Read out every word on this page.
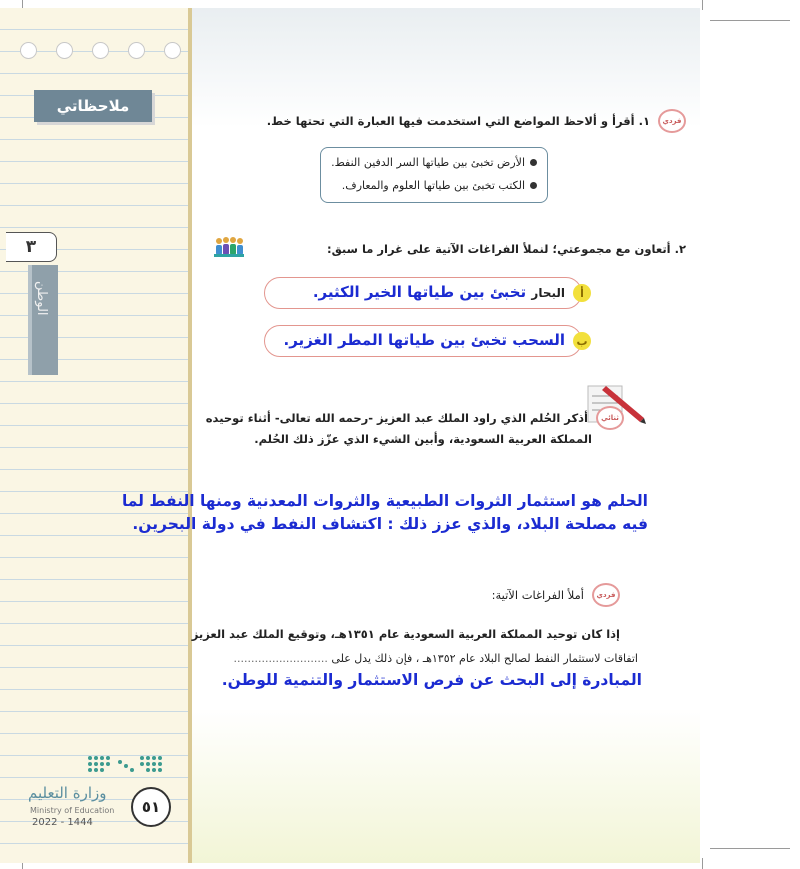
ملاحظاتي
٣
الوطن
وزارة التعليم
Ministry of Education
2022 - 1444
٥١
فردي
١. أقرأ و ألاحظ المواضع التي استخدمت فيها العبارة التي تحتها خط.
الأرض تخبئ بين طياتها السر الدفين النفط.
الكتب تخبئ بين طياتها العلوم والمعارف.
٢. أتعاون مع مجموعتي؛ لنملأ الفراغات الآتية على غرار ما سبق:
أ
البحار تخبئ بين طياتها الخير الكثير.
ب
السحب تخبئ بين طياتها المطر الغزير.
ثنائي
أذكر الحُلم الذي راود الملك عبد العزيز -رحمه الله تعالى- أثناء توحيده
المملكة العربية السعودية، وأبين الشيء الذي عزّز ذلك الحُلم.
الحلم هو استثمار الثروات الطبيعية والثروات المعدنية ومنها النفط لما
فيه مصلحة البلاد، والذي عزز ذلك : اكتشاف النفط في دولة البحرين.
فردي
أملأ الفراغات الآتية:
إذا كان توحيد المملكة العربية السعودية عام ١٣٥١هـ، وتوقيع الملك عبد العزيز
اتفاقات لاستثمار النفط لصالح البلاد عام ١٣٥٢هـ ، فإن ذلك يدل على ...........................
المبادرة إلى البحث عن فرص الاستثمار والتنمية للوطن.
